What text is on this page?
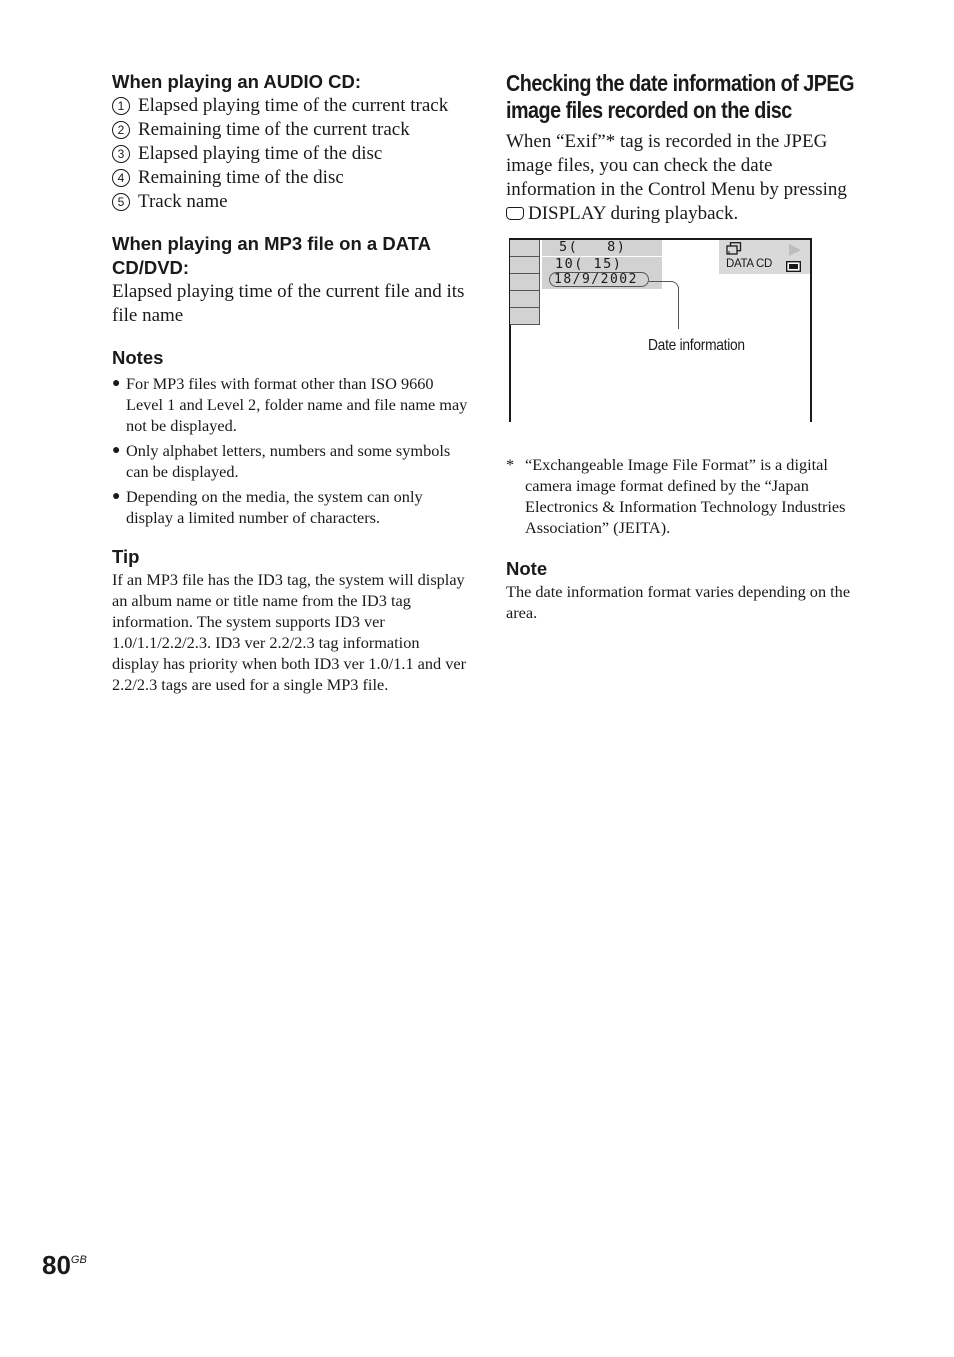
When playing an AUDIO CD:
1 Elapsed playing time of the current track
2 Remaining time of the current track
3 Elapsed playing time of the disc
4 Remaining time of the disc
5 Track name
When playing an MP3 file on a DATA CD/DVD:
Elapsed playing time of the current file and its file name
Notes
● For MP3 files with format other than ISO 9660 Level 1 and Level 2, folder name and file name may not be displayed.
● Only alphabet letters, numbers and some symbols can be displayed.
● Depending on the media, the system can only display a limited number of characters.
Tip
If an MP3 file has the ID3 tag, the system will display an album name or title name from the ID3 tag information. The system supports ID3 ver 1.0/1.1/2.2/2.3. ID3 ver 2.2/2.3 tag information display has priority when both ID3 ver 1.0/1.1 and ver 2.2/2.3 tags are used for a single MP3 file.
Checking the date information of JPEG image files recorded on the disc
When “Exif”* tag is recorded in the JPEG image files, you can check the date information in the Control Menu by pressing DISPLAY during playback.
5(   8)
10( 15)
18/9/2002
DATA CD
Date information
* “Exchangeable Image File Format” is a digital camera image format defined by the “Japan Electronics & Information Technology Industries Association” (JEITA).
Note
The date information format varies depending on the area.
$80^{GB}$
